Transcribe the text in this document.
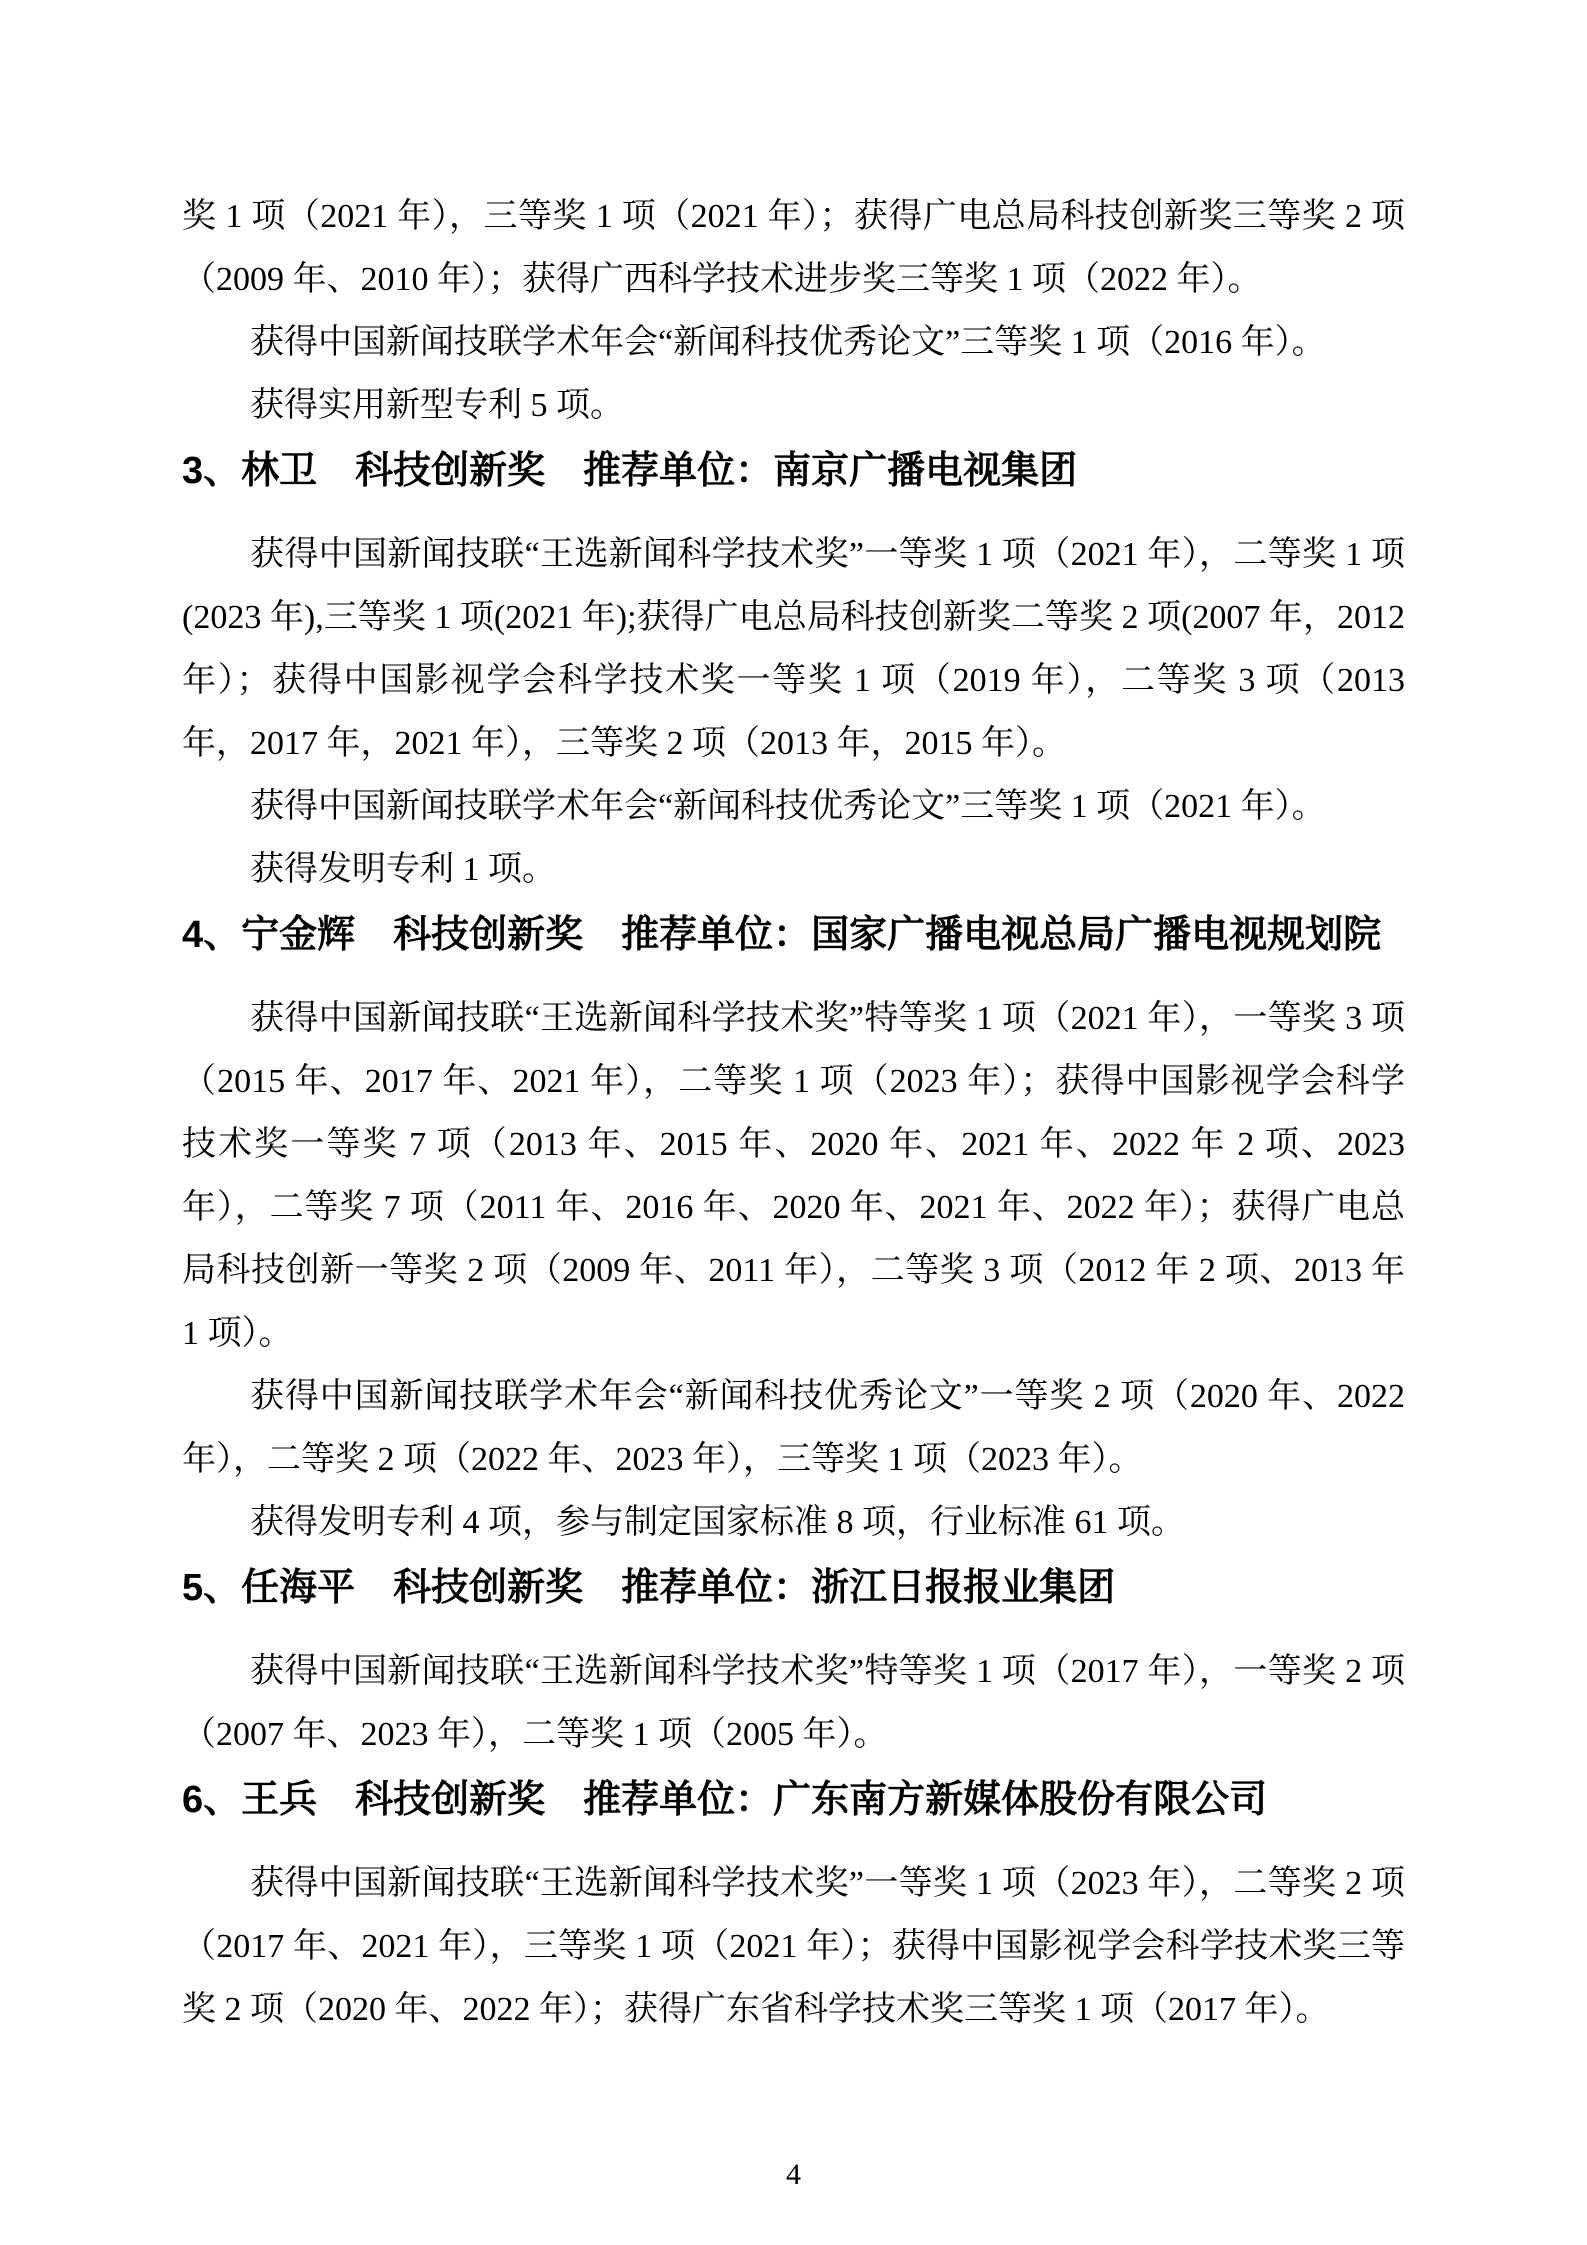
奖 1 项（2021 年），三等奖 1 项（2021 年）；获得广电总局科技创新奖三等奖 2 项（2009 年、2010 年）；获得广西科学技术进步奖三等奖 1 项（2022 年）。

获得中国新闻技联学术年会“新闻科技优秀论文”三等奖 1 项（2016 年）。

获得实用新型专利 5 项。

3、林卫　科技创新奖　推荐单位：南京广播电视集团

获得中国新闻技联“王选新闻科学技术奖”一等奖 1 项（2021 年），二等奖 1 项(2023 年),三等奖 1 项(2021 年);获得广电总局科技创新奖二等奖 2 项(2007 年，2012 年）；获得中国影视学会科学技术奖一等奖 1 项（2019 年），二等奖 3 项（2013 年，2017 年，2021 年），三等奖 2 项（2013 年，2015 年）。

获得中国新闻技联学术年会“新闻科技优秀论文”三等奖 1 项（2021 年）。

获得发明专利 1 项。

4、宁金辉　科技创新奖　推荐单位：国家广播电视总局广播电视规划院

获得中国新闻技联“王选新闻科学技术奖”特等奖 1 项（2021 年），一等奖 3 项（2015 年、2017 年、2021 年），二等奖 1 项（2023 年）；获得中国影视学会科学技术奖一等奖 7 项（2013 年、2015 年、2020 年、2021 年、2022 年 2 项、2023 年），二等奖 7 项（2011 年、2016 年、2020 年、2021 年、2022 年）；获得广电总局科技创新一等奖 2 项（2009 年、2011 年），二等奖 3 项（2012 年 2 项、2013 年 1 项）。

获得中国新闻技联学术年会“新闻科技优秀论文”一等奖 2 项（2020 年、2022 年），二等奖 2 项（2022 年、2023 年），三等奖 1 项（2023 年）。

获得发明专利 4 项，参与制定国家标准 8 项，行业标准 61 项。

5、任海平　科技创新奖　推荐单位：浙江日报报业集团

获得中国新闻技联“王选新闻科学技术奖”特等奖 1 项（2017 年），一等奖 2 项（2007 年、2023 年），二等奖 1 项（2005 年）。

6、王兵　科技创新奖　推荐单位：广东南方新媒体股份有限公司

获得中国新闻技联“王选新闻科学技术奖”一等奖 1 项（2023 年），二等奖 2 项（2017 年、2021 年），三等奖 1 项（2021 年）；获得中国影视学会科学技术奖三等奖 2 项（2020 年、2022 年）；获得广东省科学技术奖三等奖 1 项（2017 年）。

4
